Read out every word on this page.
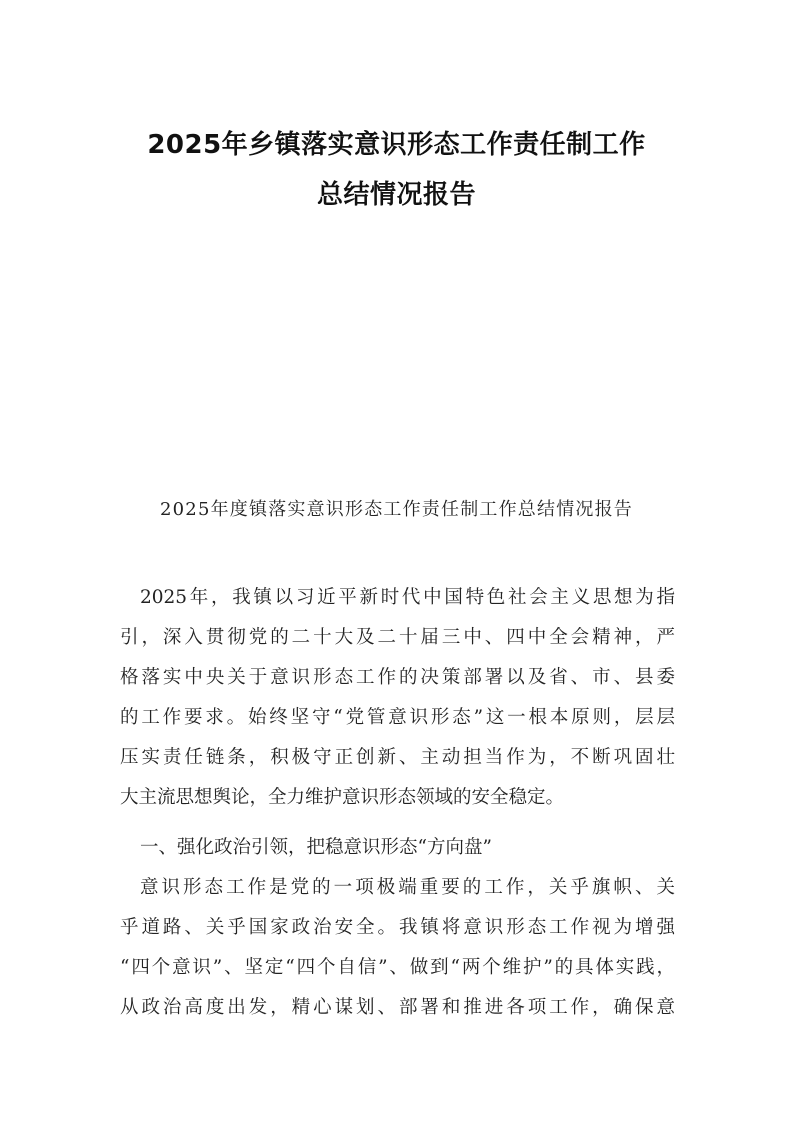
2025年乡镇落实意识形态工作责任制工作
总结情况报告
2025年度镇落实意识形态工作责任制工作总结情况报告
2025年，我镇以习近平新时代中国特色社会主义思想为指
引，深入贯彻党的二十大及二十届三中、四中全会精神，严
格落实中央关于意识形态工作的决策部署以及省、市、县委
的工作要求。始终坚守“党管意识形态”这一根本原则，层层
压实责任链条，积极守正创新、主动担当作为，不断巩固壮
大主流思想舆论，全力维护意识形态领域的安全稳定。
一、强化政治引领，把稳意识形态“方向盘”
意识形态工作是党的一项极端重要的工作，关乎旗帜、关
乎道路、关乎国家政治安全。我镇将意识形态工作视为增强
“四个意识”、坚定“四个自信”、做到“两个维护”的具体实践，
从政治高度出发，精心谋划、部署和推进各项工作，确保意
